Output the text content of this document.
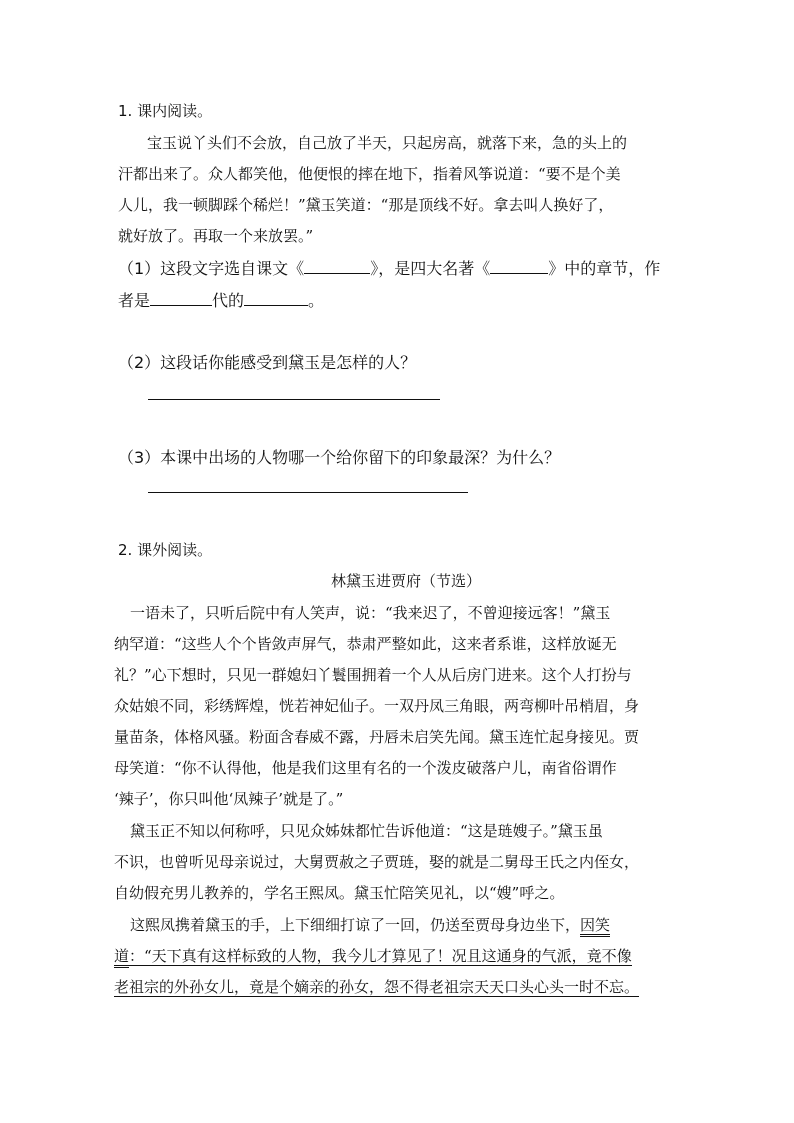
1. 课内阅读。
宝玉说丫头们不会放，自己放了半天，只起房高，就落下来，急的头上的
汗都出来了。众人都笑他，他便恨的摔在地下，指着风筝说道：“要不是个美
人儿，我一顿脚踩个稀烂！”黛玉笑道：“那是顶线不好。拿去叫人换好了，
就好放了。再取一个来放罢。”
（1）这段文字选自课文《	》，是四大名著《	》中的章节，作
者是	代的	。
（2）这段话你能感受到黛玉是怎样的人？
（3）本课中出场的人物哪一个给你留下的印象最深？为什么？
2. 课外阅读。
林黛玉进贾府（节选）
一语未了，只听后院中有人笑声，说：“我来迟了，不曾迎接远客！”黛玉
纳罕道：“这些人个个皆敛声屏气，恭肃严整如此，这来者系谁，这样放诞无
礼？”心下想时，只见一群媳妇丫鬟围拥着一个人从后房门进来。这个人打扮与
众姑娘不同，彩绣辉煌，恍若神妃仙子。一双丹凤三角眼，两弯柳叶吊梢眉，身
量苗条，体格风骚。粉面含春威不露，丹唇未启笑先闻。黛玉连忙起身接见。贾
母笑道：“你不认得他，他是我们这里有名的一个泼皮破落户儿，南省俗谓作
‘辣子’，你只叫他‘凤辣子’就是了。”
黛玉正不知以何称呼，只见众姊妹都忙告诉他道：“这是琏嫂子。”黛玉虽
不识，也曾听见母亲说过，大舅贾赦之子贾琏，娶的就是二舅母王氏之内侄女，
自幼假充男儿教养的，学名王熙凤。黛玉忙陪笑见礼，以“嫂”呼之。
这熙凤携着黛玉的手，上下细细打谅了一回，仍送至贾母身边坐下，因笑
道：“天下真有这样标致的人物，我今儿才算见了！况且这通身的气派，竟不像
老祖宗的外孙女儿，竟是个嫡亲的孙女，怨不得老祖宗天天口头心头一时不忘。
